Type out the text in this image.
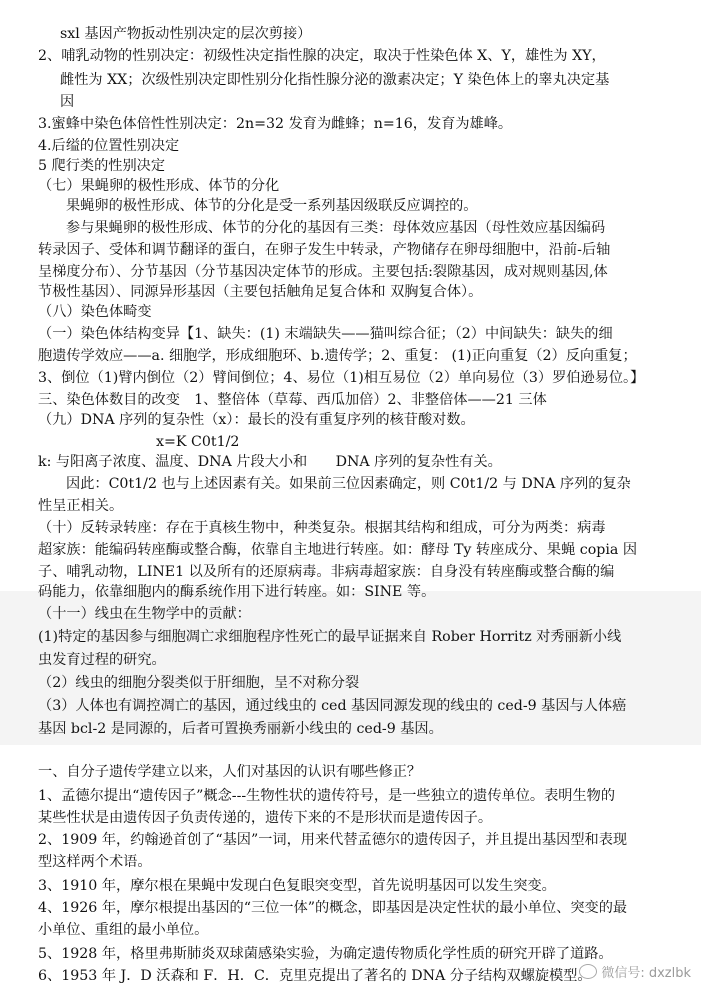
sxl 基因产物扳动性别决定的层次剪接）
2、哺乳动物的性别决定：初级性决定指性腺的决定，取决于性染色体 X、Y，雄性为 XY，
雌性为 XX；次级性别决定即性别分化指性腺分泌的激素决定；Y 染色体上的睾丸决定基
因
3.蜜蜂中染色体倍性性别决定：2n=32 发育为雌蜂；n=16，发育为雄峰。
4.后缢的位置性别决定
5 爬行类的性别决定
（七）果蝇卵的极性形成、体节的分化
果蝇卵的极性形成、体节的分化是受一系列基因级联反应调控的。
参与果蝇卵的极性形成、体节的分化的基因有三类：母体效应基因（母性效应基因编码
转录因子、受体和调节翻译的蛋白，在卵子发生中转录，产物储存在卵母细胞中，沿前-后轴
呈梯度分布）、分节基因（分节基因决定体节的形成。主要包括:裂隙基因，成对规则基因,体
节极性基因）、同源异形基因（主要包括触角足复合体和 双胸复合体）。
（八）染色体畸变
（一）染色体结构变异【1、缺失：(1) 末端缺失——猫叫综合征；（2）中间缺失：缺失的细
胞遗传学效应——a. 细胞学，形成细胞环、b.遗传学；2、重复： (1)正向重复（2）反向重复；
3、倒位（1)臂内倒位（2）臂间倒位；4、易位（1)相互易位（2）单向易位（3）罗伯逊易位。】
三、染色体数目的改变　1、整倍体（草莓、西瓜加倍）2、非整倍体——21 三体
（九）DNA 序列的复杂性（x）：最长的没有重复序列的核苷酸对数。
x=K C0t1/2
k: 与阳离子浓度、温度、DNA 片段大小和　　DNA 序列的复杂性有关。
因此：C0t1/2 也与上述因素有关。如果前三位因素确定，则 C0t1/2 与 DNA 序列的复杂
性呈正相关。
（十）反转录转座：存在于真核生物中，种类复杂。根据其结构和组成，可分为两类：病毒
超家族：能编码转座酶或整合酶，依靠自主地进行转座。如：酵母 Ty 转座成分、果蝇 copia 因
子、哺乳动物，LINE1 以及所有的还原病毒。非病毒超家族：自身没有转座酶或整合酶的编
码能力，依靠细胞内的酶系统作用下进行转座。如：SINE 等。
（十一）线虫在生物学中的贡献：
(1)特定的基因参与细胞凋亡求细胞程序性死亡的最早证据来自 Rober Horritz 对秀丽新小线
虫发育过程的研究。
（2）线虫的细胞分裂类似于肝细胞，呈不对称分裂
（3）人体也有调控凋亡的基因，通过线虫的 ced 基因同源发现的线虫的 ced-9 基因与人体癌
基因 bcl-2 是同源的，后者可置换秀丽新小线虫的 ced-9 基因。
一、自分子遗传学建立以来，人们对基因的认识有哪些修正？
1、孟德尔提出“遗传因子”概念---生物性状的遗传符号，是一些独立的遗传单位。表明生物的
某些性状是由遗传因子负责传递的，遗传下来的不是形状而是遗传因子。
2、1909 年，约翰逊首创了“基因”一词，用来代替孟德尔的遗传因子，并且提出基因型和表现
型这样两个术语。
3、1910 年，摩尔根在果蝇中发现白色复眼突变型，首先说明基因可以发生突变。
4、1926 年，摩尔根提出基因的“三位一体”的概念，即基因是决定性状的最小单位、突变的最
小单位、重组的最小单位。
5、1928 年，格里弗斯肺炎双球菌感染实验，为确定遗传物质化学性质的研究开辟了道路。
6、1953 年 J．D 沃森和 F．H．C．克里克提出了著名的 DNA 分子结构双螺旋模型。 微信号: dxzlbk
